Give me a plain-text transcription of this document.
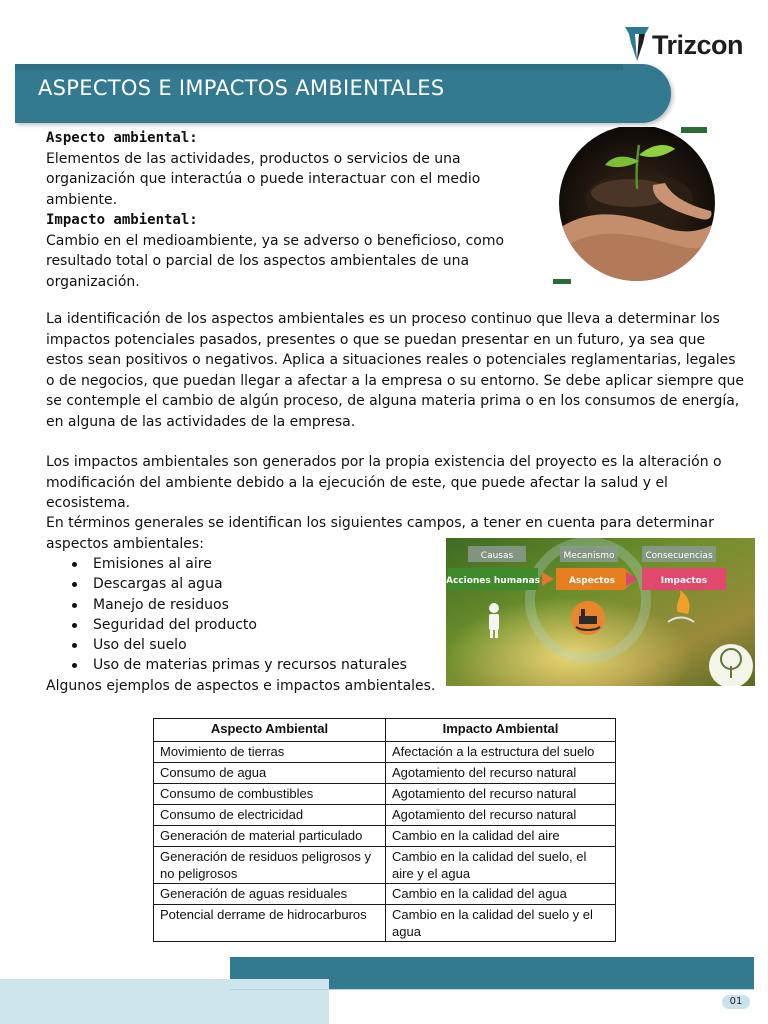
Trizcon
ASPECTOS E IMPACTOS AMBIENTALES
Aspecto ambiental:
Elementos de las actividades, productos o servicios de una organización que interactúa o puede interactuar con el medio ambiente.
Impacto ambiental:
Cambio en el medioambiente, ya se adverso o beneficioso, como resultado total o parcial de los aspectos ambientales de una organización.

La identificación de los aspectos ambientales es un proceso continuo que lleva a determinar los impactos potenciales pasados, presentes o que se puedan presentar en un futuro, ya sea que estos sean positivos o negativos. Aplica a situaciones reales o potenciales reglamentarias, legales o de negocios, que puedan llegar a afectar a la empresa o su entorno. Se debe aplicar siempre que se contemple el cambio de algún proceso, de alguna materia prima o en los consumos de energía, en alguna de las actividades de la empresa.

Los impactos ambientales son generados por la propia existencia del proyecto es la alteración o modificación del ambiente debido a la ejecución de este, que puede afectar la salud y el ecosistema.

En términos generales se identifican los siguientes campos, a tener en cuenta para determinar aspectos ambientales:

Emisiones al aire
Descargas al agua
Manejo de residuos
Seguridad del producto
Uso del suelo
Uso de materias primas y recursos naturales
Algunos ejemplos de aspectos e impactos ambientales.
Causas	Mecanismo	Consecuencias
Acciones humanas	Aspectos	Impactos
Aspecto Ambiental	Impacto Ambiental
Movimiento de tierras	Afectación a la estructura del suelo
Consumo de agua	Agotamiento del recurso natural
Consumo de combustibles	Agotamiento del recurso natural
Consumo de electricidad	Agotamiento del recurso natural
Generación de material particulado	Cambio en la calidad del aire
Generación de residuos peligrosos y no peligrosos	Cambio en la calidad del suelo, el aire y el agua
Generación de aguas residuales	Cambio en la calidad del agua
Potencial derrame de hidrocarburos	Cambio en la calidad del suelo y el agua
01
